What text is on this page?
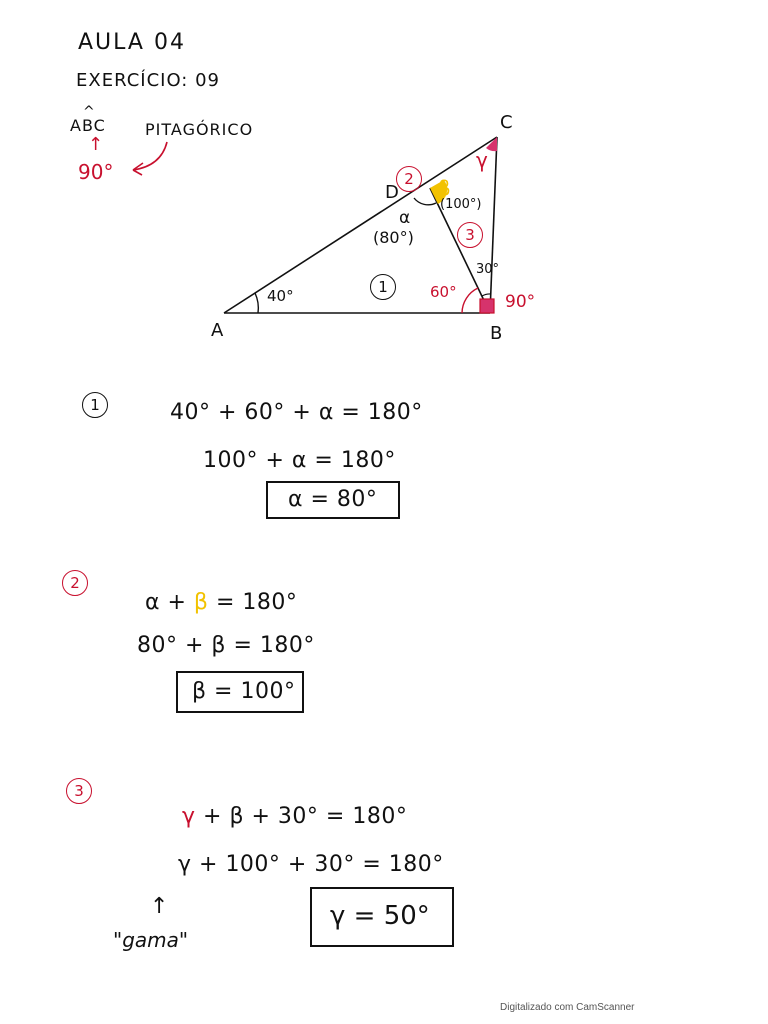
AULA 04
EXERCÍCIO: 09
ABC
^
↑
90°
PITAGÓRICO
A	B
C
D
40°	60°	90°
30°
α
(80°)
β
(100°)
γ
1
2
3
1	40° + 60° + α = 180°
100° + α = 180°
α = 80°
2
α + β = 180°
80° + β = 180°
β = 100°
3
γ + β + 30° = 180°
γ + 100° + 30° = 180°
γ = 50°
↑
"gama"
Digitalizado com CamScanner
